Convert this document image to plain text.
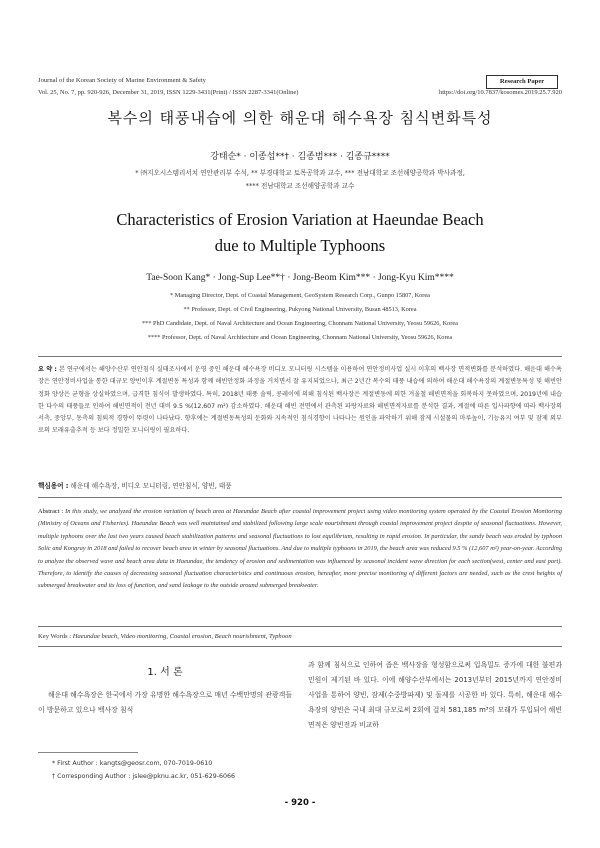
Journal of the Korean Society of Marine Environment & Safety	Research Paper
Vol. 25, No. 7, pp. 920-926, December 31, 2019, ISSN 1229-3431(Print) / ISSN 2287-3341(Online)	https://doi.org/10.7837/kosomes.2019.25.7.920
복수의 태풍내습에 의한 해운대 해수욕장 침식변화특성
강태순* · 이종섭**† · 김종범*** · 김종규****
* ㈜지오시스템리서치 연안관리부 수석, ** 부경대학교 토목공학과 교수, *** 전남대학교 조선해양공학과 박사과정,
**** 전남대학교 조선해양공학과 교수
Characteristics of Erosion Variation at Haeundae Beach
due to Multiple Typhoons
Tae-Soon Kang* · Jong-Sup Lee**† · Jong-Beom Kim*** · Jong-Kyu Kim****
* Managing Director, Dept. of Coastal Management, GeoSystem Research Corp., Gunpo 15807, Korea
** Professor, Dept. of Civil Engineering, Pukyong National University, Busan 48513, Korea
*** PhD Candidate, Dept. of Naval Architecture and Ocean Engineering, Chonnam National University, Yeosu 59626, Korea
**** Professor, Dept. of Naval Architecture and Ocean Engineering, Chonnam National University, Yeosu 59626, Korea
요 약 : 본 연구에서는 해양수산부 연안침식 실태조사에서 운영 중인 해운대 해수욕장 비디오 모니터링 시스템을 이용하여 연안정비사업 실시 이후의 백사장 면적변화를 분석하였다. 해운대 해수욕장은 연안정비사업을 통한 대규모 양빈이후 계절변동 특성과 함께 해빈안정화 과정을 거치면서 잘 유지되었으나, 최근 2년간 복수의 태풍 내습에 의하여 해운대 해수욕장의 계절변동특성 및 해빈안정화 양상은 균형을 상실하였으며, 급격한 침식이 발생하였다. 특히, 2018년 태풍 솔릭, 콩레이에 의해 침식된 백사장은 계절변동에 의한 겨울철 해빈면적을 회복하지 못하였으며, 2019년에 내습한 다수의 태풍들로 인하여 해빈면적이 전년 대비 9.5 %(12,607 m²) 감소하였다. 해운대 해빈 전면에서 관측된 파랑자료와 해빈면적자료를 분석한 결과, 계절에 따른 입사파향에 따라 백사장의 서측, 중앙부, 동측의 침퇴적 경향이 뚜렷이 나타났다. 향후에는 계절변동특성의 둔화와 지속적인 침식경향이 나타나는 원인을 파악하기 위해 잠제 시설물의 마루높이, 기능유지 여부 및 잠제 외부로의 모래유출추적 등 보다 정밀한 모니터링이 필요하다.
핵심용어 : 해운대 해수욕장, 비디오 모니터링, 연안침식, 양빈, 태풍
Abstract : In this study, we analyzed the erosion variation of beach area at Haeundae Beach after coastal improvement project using video monitoring system operated by the Coastal Erosion Monitoring (Ministry of Oceans and Fisheries). Haeundae Beach was well maintained and stabilized following large scale nourishment through coastal improvement project despite of seasonal fluctuations. However, multiple typhoons over the last two years caused beach stabilization patterns and seasonal fluctuations to lost equilibrium, resulting in rapid erosion. In particular, the sandy beach was eroded by typhoon Solic and Kongray in 2018 and failed to recover beach area in winter by seasonal fluctuations. And due to multiple typhoons in 2019, the beach area was reduced 9.5 % (12,607 m²) year-on-year. According to analyze the observed wave and beach area data in Haeundae, the tendency of erosion and sedimentation was influenced by seasonal incident wave direction for each section(west, center and east part). Therefore, to identify the causes of decreasing seasonal fluctuation characteristics and continuous erosion, hereafter, more precise monitoring of different factors are needed, such as the crest heights of submerged breakwater and its loss of function, and sand leakage to the outside around submerged breakwater.
Key Words : Haeundae beach, Video monitoring, Coastal erosion, Beach nourishment, Typhoon
1. 서 론
해운대 해수욕장은 한국에서 가장 유명한 해수욕장으로 매년 수백만명의 관광객들이 방문하고 있으나 백사장 침식
과 함께 침식으로 인하여 좁은 백사장을 형성함으로써 입욕밀도 증가에 대한 불편과 민원이 제기된 바 있다. 이에 해양수산부에서는 2013년부터 2015년까지 연안정비사업을 통하여 양빈, 잠제(수중방파제) 및 돌제를 시공한 바 있다. 특히, 해운대 해수욕장의 양빈은 국내 최대 규모로써 2회에 걸쳐 581,185 m³의 모래가 투입되어 해빈면적은 양빈전과 비교하
* First Author : kangts@geosr.com, 070-7019-0610
† Corresponding Author : jslee@pknu.ac.kr, 051-629-6066
- 920 -
